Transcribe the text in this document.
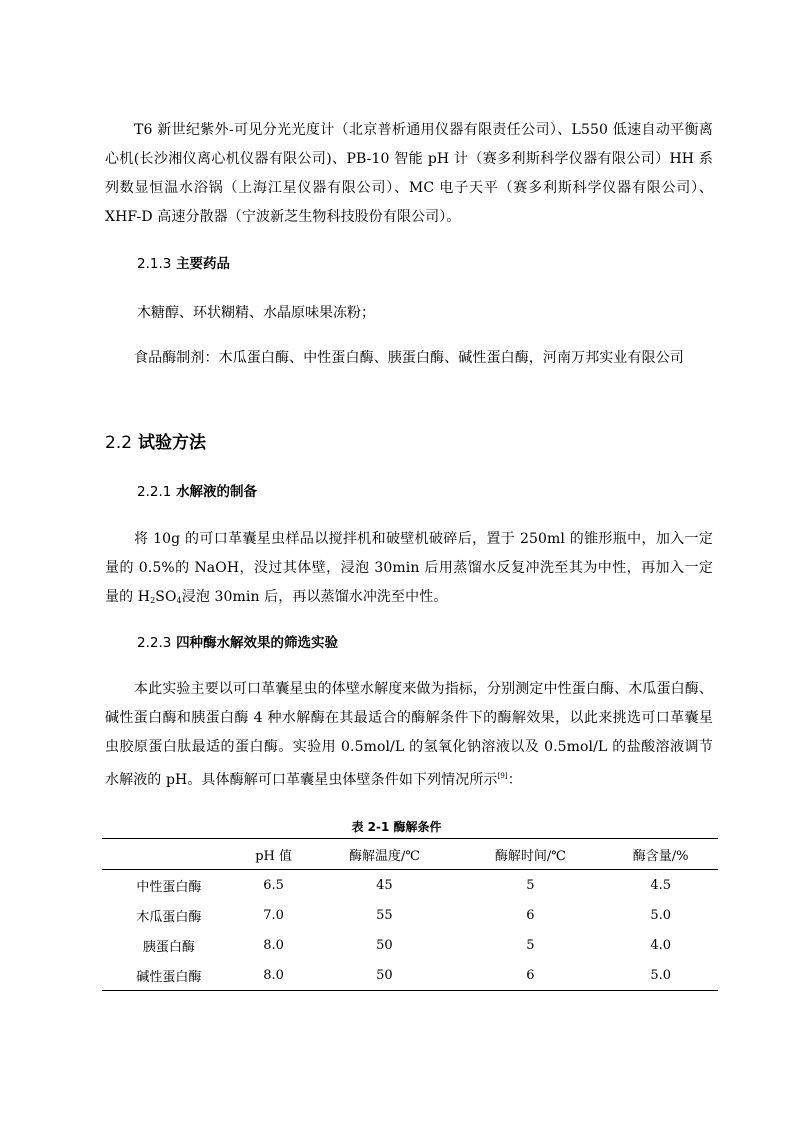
T6 新世纪紫外-可见分光光度计（北京普析通用仪器有限责任公司）、L550 低速自动平衡离心机(长沙湘仪离心机仪器有限公司)、PB-10 智能 pH 计（赛多利斯科学仪器有限公司）HH 系列数显恒温水浴锅（上海江星仪器有限公司）、MC 电子天平（赛多利斯科学仪器有限公司）、XHF-D 高速分散器（宁波新芝生物科技股份有限公司）。

2.1.3 主要药品

木糖醇、环状糊精、水晶原味果冻粉；

食品酶制剂：木瓜蛋白酶、中性蛋白酶、胰蛋白酶、碱性蛋白酶，河南万邦实业有限公司

2.2 试验方法

2.2.1 水解液的制备

将 10g 的可口革囊星虫样品以搅拌机和破壁机破碎后，置于 250ml 的锥形瓶中，加入一定量的 0.5%的 NaOH，没过其体壁，浸泡 30min 后用蒸馏水反复冲洗至其为中性，再加入一定量的 $H_2SO_4$浸泡 30min 后，再以蒸馏水冲洗至中性。

2.2.3 四种酶水解效果的筛选实验

本此实验主要以可口革囊星虫的体壁水解度来做为指标，分别测定中性蛋白酶、木瓜蛋白酶、碱性蛋白酶和胰蛋白酶 4 种水解酶在其最适合的酶解条件下的酶解效果，以此来挑选可口革囊星虫胶原蛋白肽最适的蛋白酶。实验用 0.5mol/L 的氢氧化钠溶液以及 0.5mol/L 的盐酸溶液调节水解液的 pH。具体酶解可口革囊星虫体壁条件如下列情况所示[9]：

表 2-1 酶解条件
	pH 值	酶解温度/℃	酶解时间/℃	酶含量/%
中性蛋白酶	6.5	45	5	4.5
木瓜蛋白酶	7.0	55	6	5.0
胰蛋白酶	8.0	50	5	4.0
碱性蛋白酶	8.0	50	6	5.0
